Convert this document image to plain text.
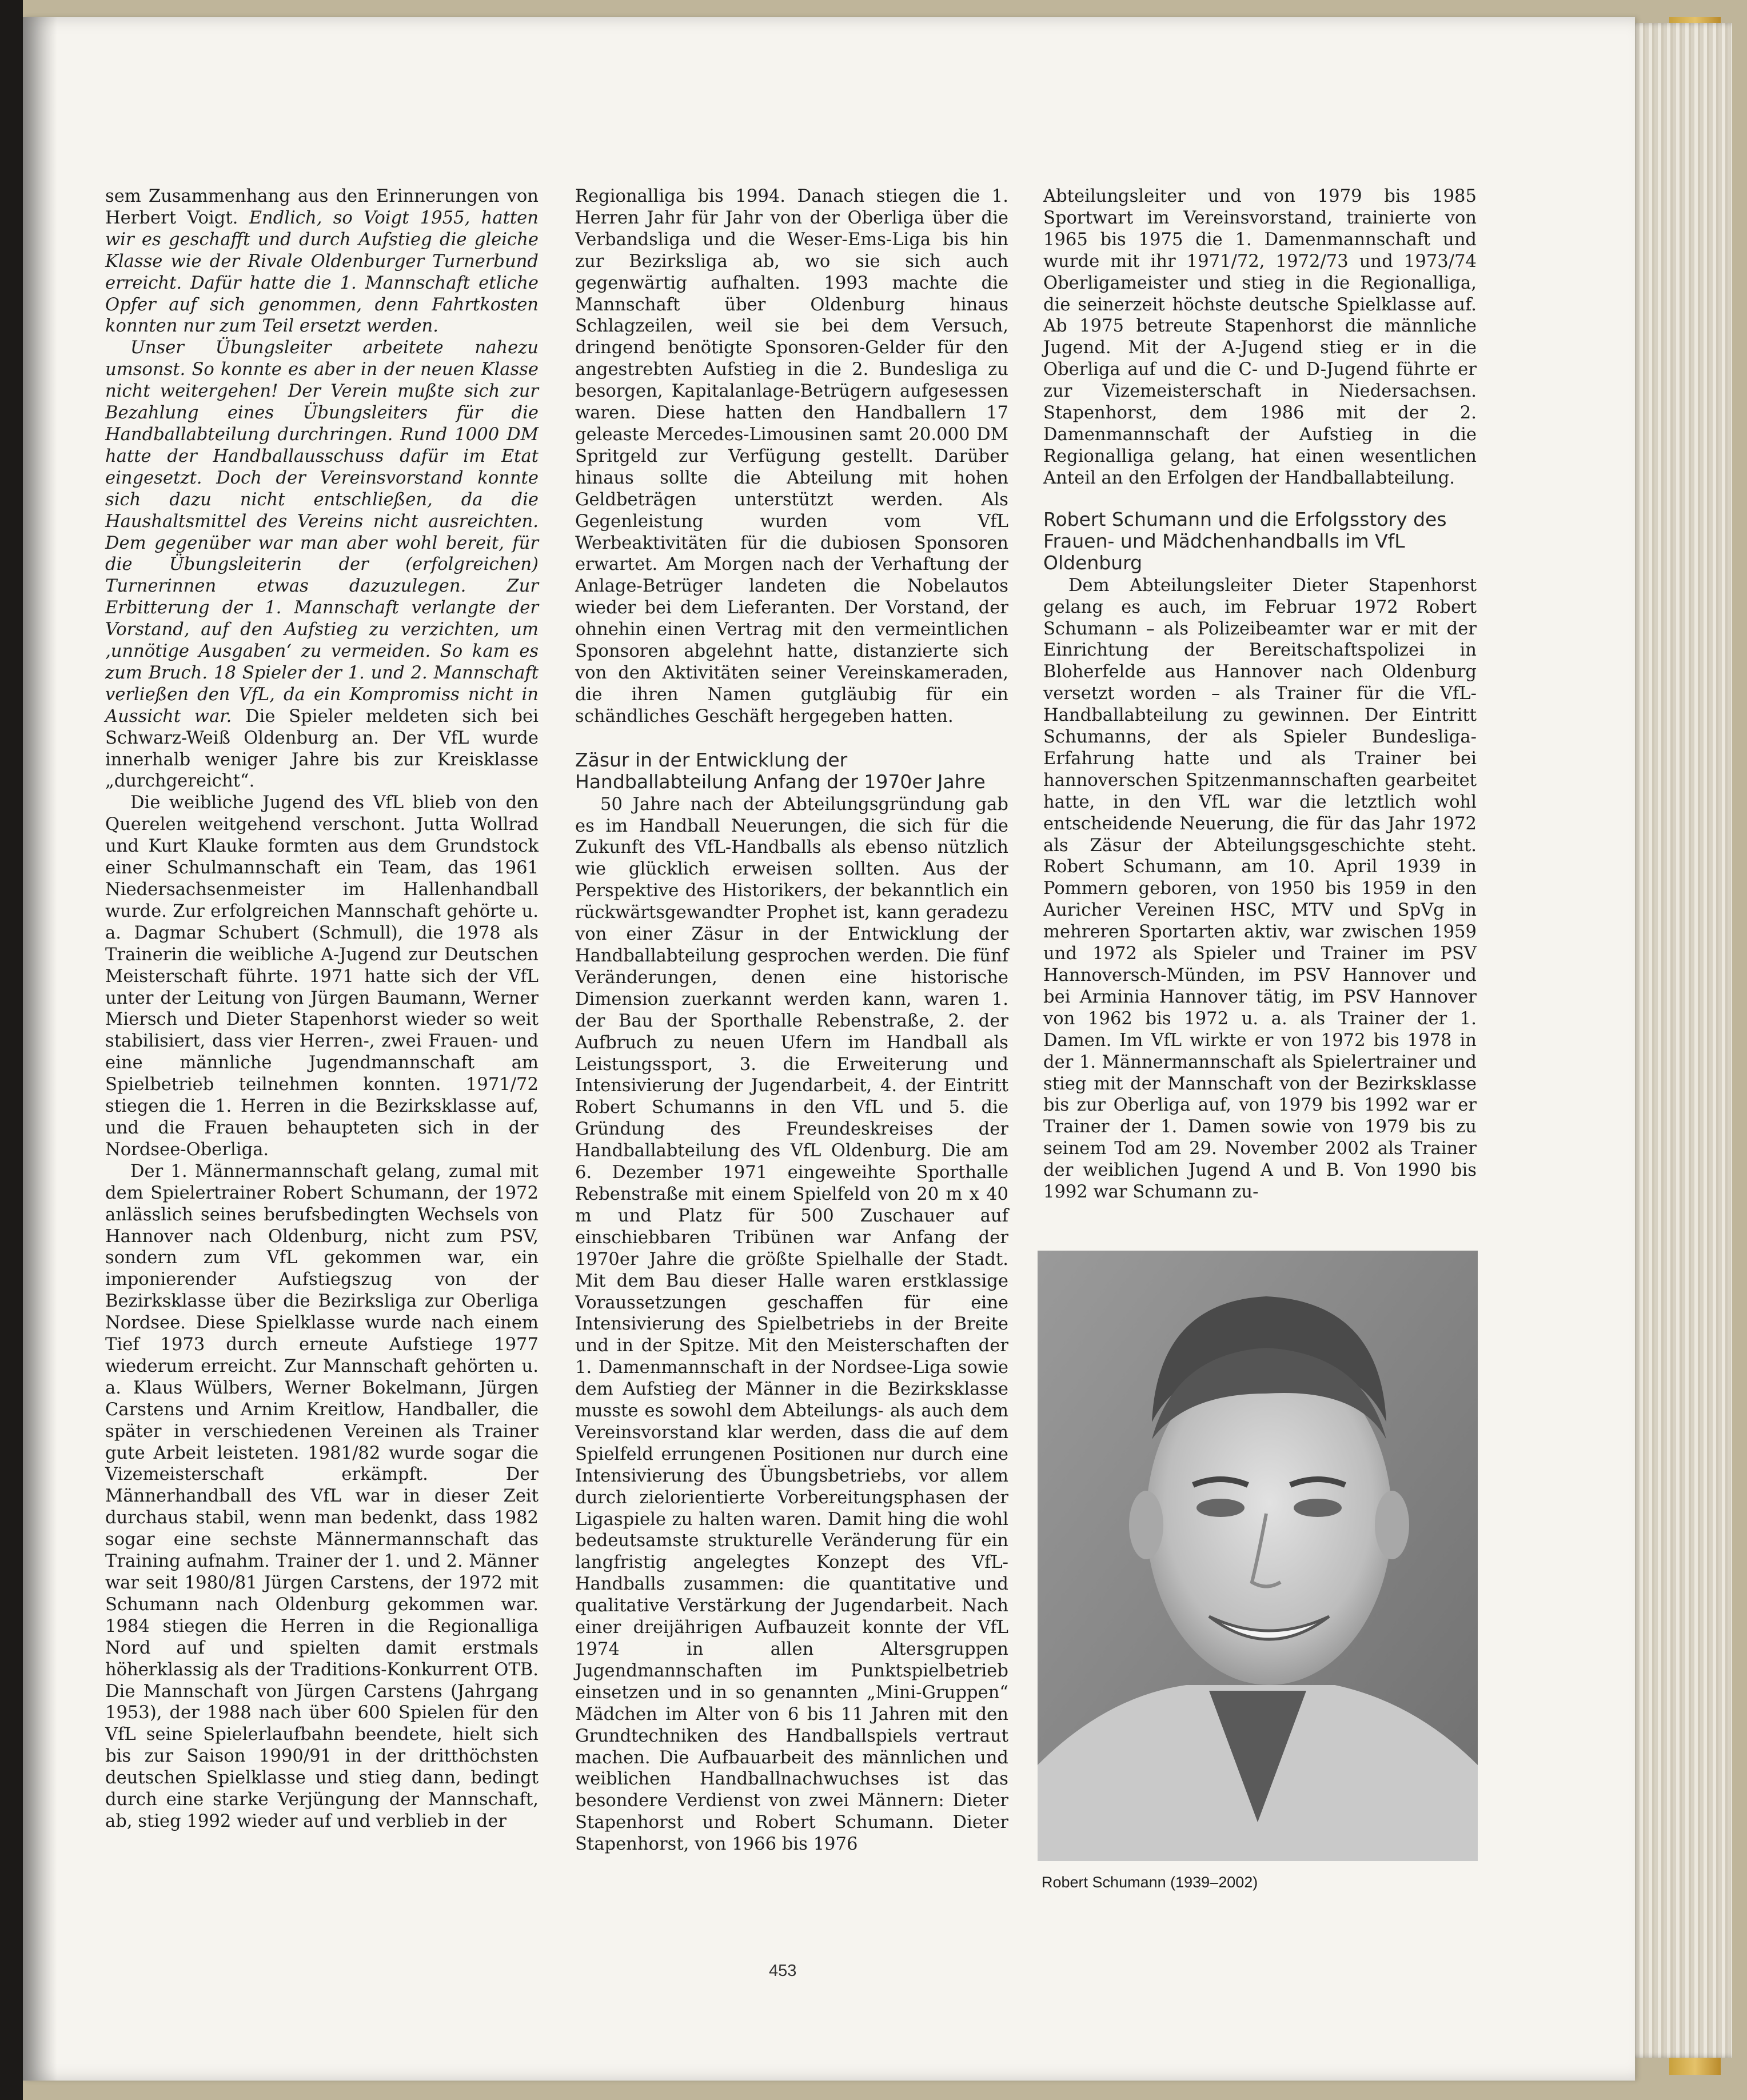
sem Zusammenhang aus den Erinnerungen von Herbert Voigt. Endlich, so Voigt 1955, hatten wir es geschafft und durch Aufstieg die gleiche Klasse wie der Rivale Oldenburger Turnerbund erreicht. Dafür hatte die 1. Mannschaft etliche Opfer auf sich genommen, denn Fahrtkosten konnten nur zum Teil ersetzt werden.

Unser Übungsleiter arbeitete nahezu umsonst. So konnte es aber in der neuen Klasse nicht weitergehen! Der Verein mußte sich zur Bezahlung eines Übungsleiters für die Handballabteilung durchringen. Rund 1000 DM hatte der Handballausschuss dafür im Etat eingesetzt. Doch der Vereinsvorstand konnte sich dazu nicht entschließen, da die Haushaltsmittel des Vereins nicht ausreichten. Dem gegenüber war man aber wohl bereit, für die Übungsleiterin der (erfolgreichen) Turnerinnen etwas dazuzulegen. Zur Erbitterung der 1. Mannschaft verlangte der Vorstand, auf den Aufstieg zu verzichten, um ‚unnötige Ausgaben‘ zu vermeiden. So kam es zum Bruch. 18 Spieler der 1. und 2. Mannschaft verließen den VfL, da ein Kompromiss nicht in Aussicht war. Die Spieler meldeten sich bei Schwarz-Weiß Oldenburg an. Der VfL wurde innerhalb weniger Jahre bis zur Kreisklasse „durchgereicht“.

Die weibliche Jugend des VfL blieb von den Querelen weitgehend verschont. Jutta Wollrad und Kurt Klauke formten aus dem Grundstock einer Schulmannschaft ein Team, das 1961 Niedersachsenmeister im Hallenhandball wurde. Zur erfolgreichen Mannschaft gehörte u. a. Dagmar Schubert (Schmull), die 1978 als Trainerin die weibliche A-Jugend zur Deutschen Meisterschaft führte. 1971 hatte sich der VfL unter der Leitung von Jürgen Baumann, Werner Miersch und Dieter Stapenhorst wieder so weit stabilisiert, dass vier Herren-, zwei Frauen- und eine männliche Jugendmannschaft am Spielbetrieb teilnehmen konnten. 1971/72 stiegen die 1. Herren in die Bezirksklasse auf, und die Frauen behaupteten sich in der Nordsee-Oberliga.

Der 1. Männermannschaft gelang, zumal mit dem Spielertrainer Robert Schumann, der 1972 anlässlich seines berufsbedingten Wechsels von Hannover nach Oldenburg, nicht zum PSV, sondern zum VfL gekommen war, ein imponierender Aufstiegszug von der Bezirksklasse über die Bezirksliga zur Oberliga Nordsee. Diese Spielklasse wurde nach einem Tief 1973 durch erneute Aufstiege 1977 wiederum erreicht. Zur Mannschaft gehörten u. a. Klaus Wülbers, Werner Bokelmann, Jürgen Carstens und Arnim Kreitlow, Handballer, die später in verschiedenen Vereinen als Trainer gute Arbeit leisteten. 1981/82 wurde sogar die Vizemeisterschaft erkämpft. Der Männerhandball des VfL war in dieser Zeit durchaus stabil, wenn man bedenkt, dass 1982 sogar eine sechste Männermannschaft das Training aufnahm. Trainer der 1. und 2. Männer war seit 1980/81 Jürgen Carstens, der 1972 mit Schumann nach Oldenburg gekommen war. 1984 stiegen die Herren in die Regionalliga Nord auf und spielten damit erstmals höherklassig als der Traditions-Konkurrent OTB. Die Mannschaft von Jürgen Carstens (Jahrgang 1953), der 1988 nach über 600 Spielen für den VfL seine Spielerlaufbahn beendete, hielt sich bis zur Saison 1990/91 in der dritthöchsten deutschen Spielklasse und stieg dann, bedingt durch eine starke Verjüngung der Mannschaft, ab, stieg 1992 wieder auf und verblieb in der

Regionalliga bis 1994. Danach stiegen die 1. Herren Jahr für Jahr von der Oberliga über die Verbandsliga und die Weser-Ems-Liga bis hin zur Bezirksliga ab, wo sie sich auch gegenwärtig aufhalten. 1993 machte die Mannschaft über Oldenburg hinaus Schlagzeilen, weil sie bei dem Versuch, dringend benötigte Sponsoren-Gelder für den angestrebten Aufstieg in die 2. Bundesliga zu besorgen, Kapitalanlage-Betrügern aufgesessen waren. Diese hatten den Handballern 17 geleaste Mercedes-Limousinen samt 20.000 DM Spritgeld zur Verfügung gestellt. Darüber hinaus sollte die Abteilung mit hohen Geldbeträgen unterstützt werden. Als Gegenleistung wurden vom VfL Werbeaktivitäten für die dubiosen Sponsoren erwartet. Am Morgen nach der Verhaftung der Anlage-Betrüger landeten die Nobelautos wieder bei dem Lieferanten. Der Vorstand, der ohnehin einen Vertrag mit den vermeintlichen Sponsoren abgelehnt hatte, distanzierte sich von den Aktivitäten seiner Vereinskameraden, die ihren Namen gutgläubig für ein schändliches Geschäft hergegeben hatten.

Zäsur in der Entwicklung der Handballabteilung Anfang der 1970er Jahre

50 Jahre nach der Abteilungsgründung gab es im Handball Neuerungen, die sich für die Zukunft des VfL-Handballs als ebenso nützlich wie glücklich erweisen sollten. Aus der Perspektive des Historikers, der bekanntlich ein rückwärtsgewandter Prophet ist, kann geradezu von einer Zäsur in der Entwicklung der Handballabteilung gesprochen werden. Die fünf Veränderungen, denen eine historische Dimension zuerkannt werden kann, waren 1. der Bau der Sporthalle Rebenstraße, 2. der Aufbruch zu neuen Ufern im Handball als Leistungssport, 3. die Erweiterung und Intensivierung der Jugendarbeit, 4. der Eintritt Robert Schumanns in den VfL und 5. die Gründung des Freundeskreises der Handballabteilung des VfL Oldenburg. Die am 6. Dezember 1971 eingeweihte Sporthalle Rebenstraße mit einem Spielfeld von 20 m x 40 m und Platz für 500 Zuschauer auf einschiebbaren Tribünen war Anfang der 1970er Jahre die größte Spielhalle der Stadt. Mit dem Bau dieser Halle waren erstklassige Voraussetzungen geschaffen für eine Intensivierung des Spielbetriebs in der Breite und in der Spitze. Mit den Meisterschaften der 1. Damenmannschaft in der Nordsee-Liga sowie dem Aufstieg der Männer in die Bezirksklasse musste es sowohl dem Abteilungs- als auch dem Vereinsvorstand klar werden, dass die auf dem Spielfeld errungenen Positionen nur durch eine Intensivierung des Übungsbetriebs, vor allem durch zielorientierte Vorbereitungsphasen der Ligaspiele zu halten waren. Damit hing die wohl bedeutsamste strukturelle Veränderung für ein langfristig angelegtes Konzept des VfL-Handballs zusammen: die quantitative und qualitative Verstärkung der Jugendarbeit. Nach einer dreijährigen Aufbauzeit konnte der VfL 1974 in allen Altersgruppen Jugendmannschaften im Punktspielbetrieb einsetzen und in so genannten „Mini-Gruppen“ Mädchen im Alter von 6 bis 11 Jahren mit den Grundtechniken des Handballspiels vertraut machen. Die Aufbauarbeit des männlichen und weiblichen Handballnachwuchses ist das besondere Verdienst von zwei Männern: Dieter Stapenhorst und Robert Schumann. Dieter Stapenhorst, von 1966 bis 1976

Abteilungsleiter und von 1979 bis 1985 Sportwart im Vereinsvorstand, trainierte von 1965 bis 1975 die 1. Damenmannschaft und wurde mit ihr 1971/72, 1972/73 und 1973/74 Oberligameister und stieg in die Regionalliga, die seinerzeit höchste deutsche Spielklasse auf. Ab 1975 betreute Stapenhorst die männliche Jugend. Mit der A-Jugend stieg er in die Oberliga auf und die C- und D-Jugend führte er zur Vizemeisterschaft in Niedersachsen. Stapenhorst, dem 1986 mit der 2. Damenmannschaft der Aufstieg in die Regionalliga gelang, hat einen wesentlichen Anteil an den Erfolgen der Handballabteilung.

Robert Schumann und die Erfolgsstory des Frauen- und Mädchenhandballs im VfL Oldenburg

Dem Abteilungsleiter Dieter Stapenhorst gelang es auch, im Februar 1972 Robert Schumann – als Polizeibeamter war er mit der Einrichtung der Bereitschaftspolizei in Bloherfelde aus Hannover nach Oldenburg versetzt worden – als Trainer für die VfL-Handballabteilung zu gewinnen. Der Eintritt Schumanns, der als Spieler Bundesliga-Erfahrung hatte und als Trainer bei hannoverschen Spitzenmannschaften gearbeitet hatte, in den VfL war die letztlich wohl entscheidende Neuerung, die für das Jahr 1972 als Zäsur der Abteilungsgeschichte steht. Robert Schumann, am 10. April 1939 in Pommern geboren, von 1950 bis 1959 in den Auricher Vereinen HSC, MTV und SpVg in mehreren Sportarten aktiv, war zwischen 1959 und 1972 als Spieler und Trainer im PSV Hannoversch-Münden, im PSV Hannover und bei Arminia Hannover tätig, im PSV Hannover von 1962 bis 1972 u. a. als Trainer der 1. Damen. Im VfL wirkte er von 1972 bis 1978 in der 1. Männermannschaft als Spielertrainer und stieg mit der Mannschaft von der Bezirksklasse bis zur Oberliga auf, von 1979 bis 1992 war er Trainer der 1. Damen sowie von 1979 bis zu seinem Tod am 29. November 2002 als Trainer der weiblichen Jugend A und B. Von 1990 bis 1992 war Schumann zu-

Robert Schumann (1939–2002)
453
